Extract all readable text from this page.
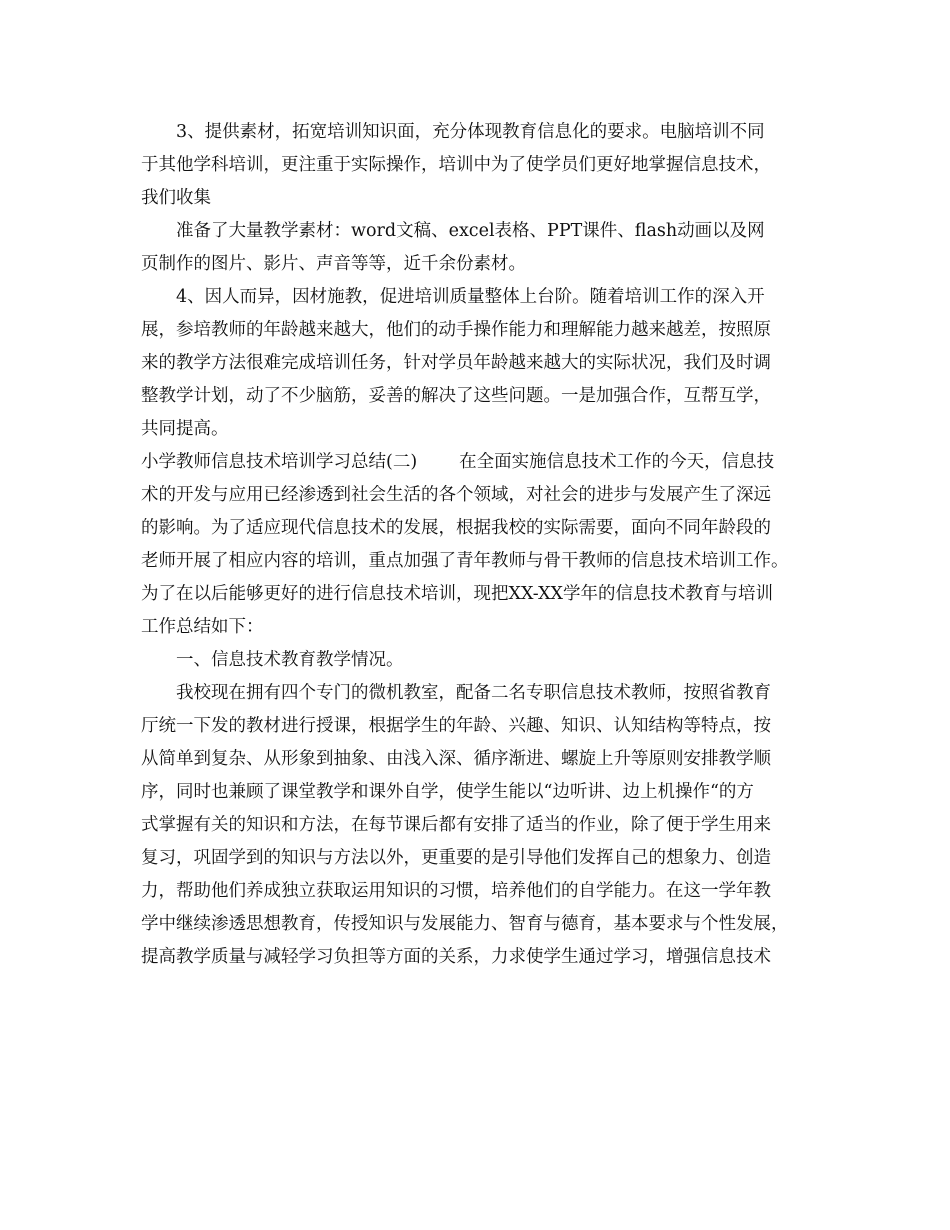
3、提供素材，拓宽培训知识面，充分体现教育信息化的要求。电脑培训不同
于其他学科培训，更注重于实际操作，培训中为了使学员们更好地掌握信息技术，
我们收集
准备了大量教学素材：word文稿、excel表格、PPT课件、flash动画以及网
页制作的图片、影片、声音等等，近千余份素材。
4、因人而异，因材施教，促进培训质量整体上台阶。随着培训工作的深入开
展，参培教师的年龄越来越大，他们的动手操作能力和理解能力越来越差，按照原
来的教学方法很难完成培训任务，针对学员年龄越来越大的实际状况，我们及时调
整教学计划，动了不少脑筋，妥善的解决了这些问题。一是加强合作，互帮互学，
共同提高。
小学教师信息技术培训学习总结(二) 在全面实施信息技术工作的今天，信息技
术的开发与应用已经渗透到社会生活的各个领域，对社会的进步与发展产生了深远
的影响。为了适应现代信息技术的发展，根据我校的实际需要，面向不同年龄段的
老师开展了相应内容的培训，重点加强了青年教师与骨干教师的信息技术培训工作。
为了在以后能够更好的进行信息技术培训，现把XX-XX学年的信息技术教育与培训
工作总结如下：
一、信息技术教育教学情况。
我校现在拥有四个专门的微机教室，配备二名专职信息技术教师，按照省教育
厅统一下发的教材进行授课，根据学生的年龄、兴趣、知识、认知结构等特点，按
从简单到复杂、从形象到抽象、由浅入深、循序渐进、螺旋上升等原则安排教学顺
序，同时也兼顾了课堂教学和课外自学，使学生能以“边听讲、边上机操作“的方
式掌握有关的知识和方法，在每节课后都有安排了适当的作业，除了便于学生用来
复习，巩固学到的知识与方法以外，更重要的是引导他们发挥自己的想象力、创造
力，帮助他们养成独立获取运用知识的习惯，培养他们的自学能力。在这一学年教
学中继续渗透思想教育，传授知识与发展能力、智育与德育，基本要求与个性发展，
提高教学质量与减轻学习负担等方面的关系，力求使学生通过学习，增强信息技术
